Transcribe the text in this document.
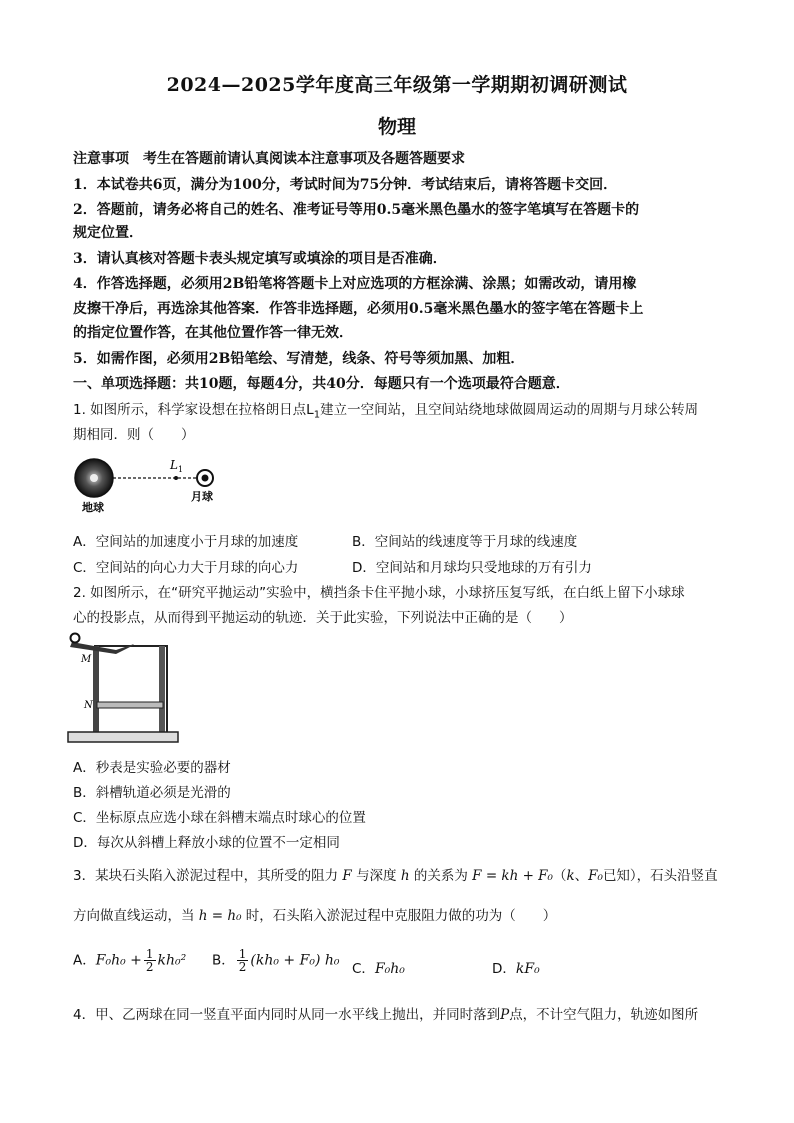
2024—2025学年度高三年级第一学期期初调研测试
物理
注意事项　考生在答题前请认真阅读本注意事项及各题答题要求
1．本试卷共6页，满分为100分，考试时间为75分钟．考试结束后，请将答题卡交回．
2．答题前，请务必将自己的姓名、准考证号等用0.5毫米黑色墨水的签字笔填写在答题卡的
规定位置．
3．请认真核对答题卡表头规定填写或填涂的项目是否准确．
4．作答选择题，必须用2B铅笔将答题卡上对应选项的方框涂满、涂黑；如需改动，请用橡
皮擦干净后，再选涂其他答案．作答非选择题，必须用0.5毫米黑色墨水的签字笔在答题卡上
的指定位置作答，在其他位置作答一律无效．
5．如需作图，必须用2B铅笔绘、写清楚，线条、符号等须加黑、加粗．
一、单项选择题：共10题，每题4分，共40分．每题只有一个选项最符合题意．
1. 如图所示，科学家设想在拉格朗日点$L_1$建立一空间站，且空间站绕地球做圆周运动的周期与月球公转周
期相同．则（　　）
L 1
地球
月球
A．空间站的加速度小于月球的加速度	B．空间站的线速度等于月球的线速度
C．空间站的向心力大于月球的向心力	D．空间站和月球均只受地球的万有引力
2. 如图所示，在“研究平抛运动”实验中，横挡条卡住平抛小球，小球挤压复写纸，在白纸上留下小球球
心的投影点，从而得到平抛运动的轨迹．关于此实验，下列说法中正确的是（　　）
M
N
A．秒表是实验必要的器材
B．斜槽轨道必须是光滑的
C．坐标原点应选小球在斜槽末端点时球心的位置
D．每次从斜槽上释放小球的位置不一定相同
3．某块石头陷入淤泥过程中，其所受的阻力 F 与深度 h 的关系为 F = kh + F₀（k、F₀已知），石头沿竖直
方向做直线运动，当 h = h₀ 时，石头陷入淤泥过程中克服阻力做的功为（　　）
A．$F_0h_0 + \frac{1}{2} kh_0^2$ B． $\frac{1}{2} (kh_0 + F_0)$ h₀
C．F₀h₀	D．kF₀
4．甲、乙两球在同一竖直平面内同时从同一水平线上抛出，并同时落到P点，不计空气阻力，轨迹如图所
